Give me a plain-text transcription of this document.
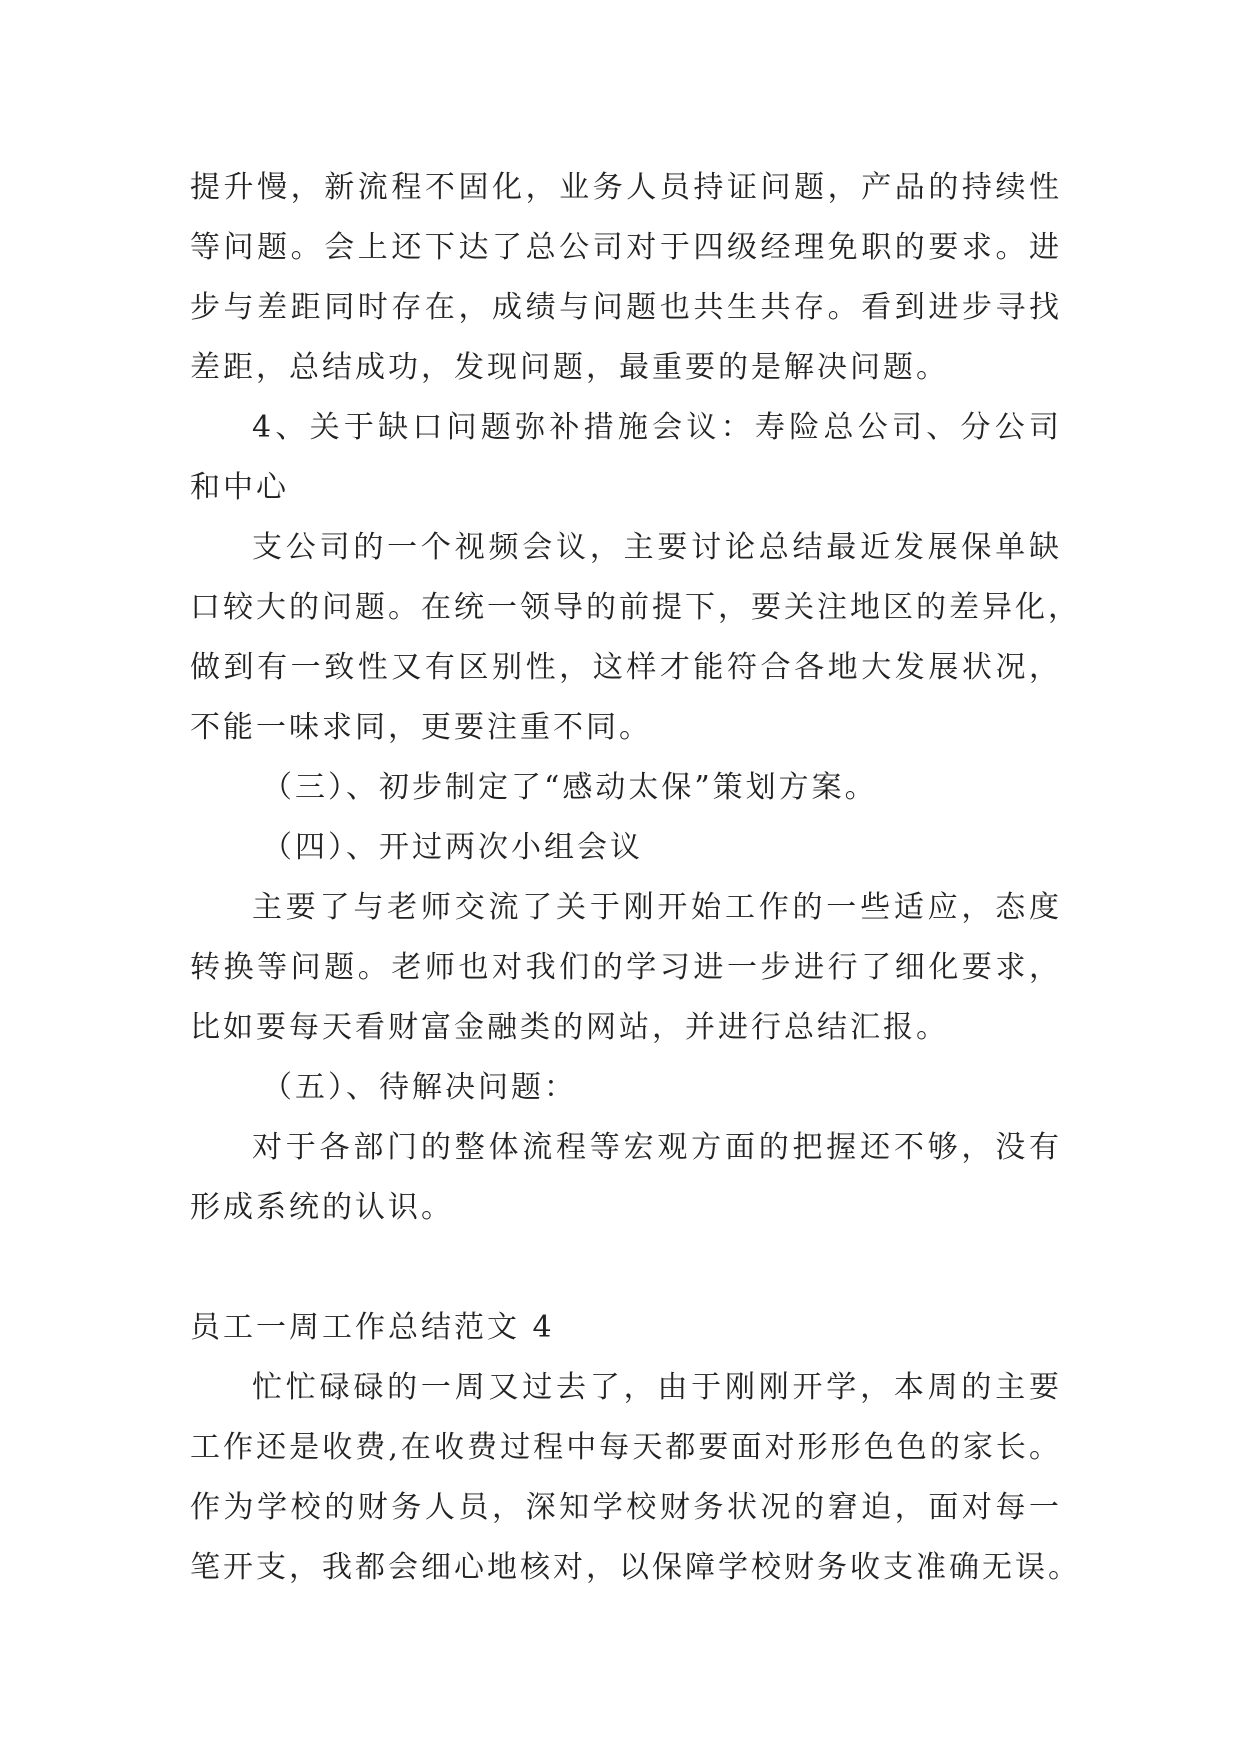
提升慢，新流程不固化，业务人员持证问题，产品的持续性
等问题。会上还下达了总公司对于四级经理免职的要求。进
步与差距同时存在，成绩与问题也共生共存。看到进步寻找
差距，总结成功，发现问题，最重要的是解决问题。
4、关于缺口问题弥补措施会议：寿险总公司、分公司
和中心
支公司的一个视频会议，主要讨论总结最近发展保单缺
口较大的问题。在统一领导的前提下，要关注地区的差异化，
做到有一致性又有区别性，这样才能符合各地大发展状况，
不能一味求同，更要注重不同。
（三）、初步制定了“感动太保”策划方案。
（四）、开过两次小组会议
主要了与老师交流了关于刚开始工作的一些适应，态度
转换等问题。老师也对我们的学习进一步进行了细化要求，
比如要每天看财富金融类的网站，并进行总结汇报。
（五）、待解决问题：
对于各部门的整体流程等宏观方面的把握还不够，没有
形成系统的认识。
员工一周工作总结范文 4
忙忙碌碌的一周又过去了，由于刚刚开学，本周的主要
工作还是收费,在收费过程中每天都要面对形形色色的家长。
作为学校的财务人员，深知学校财务状况的窘迫，面对每一
笔开支，我都会细心地核对，以保障学校财务收支准确无误。
